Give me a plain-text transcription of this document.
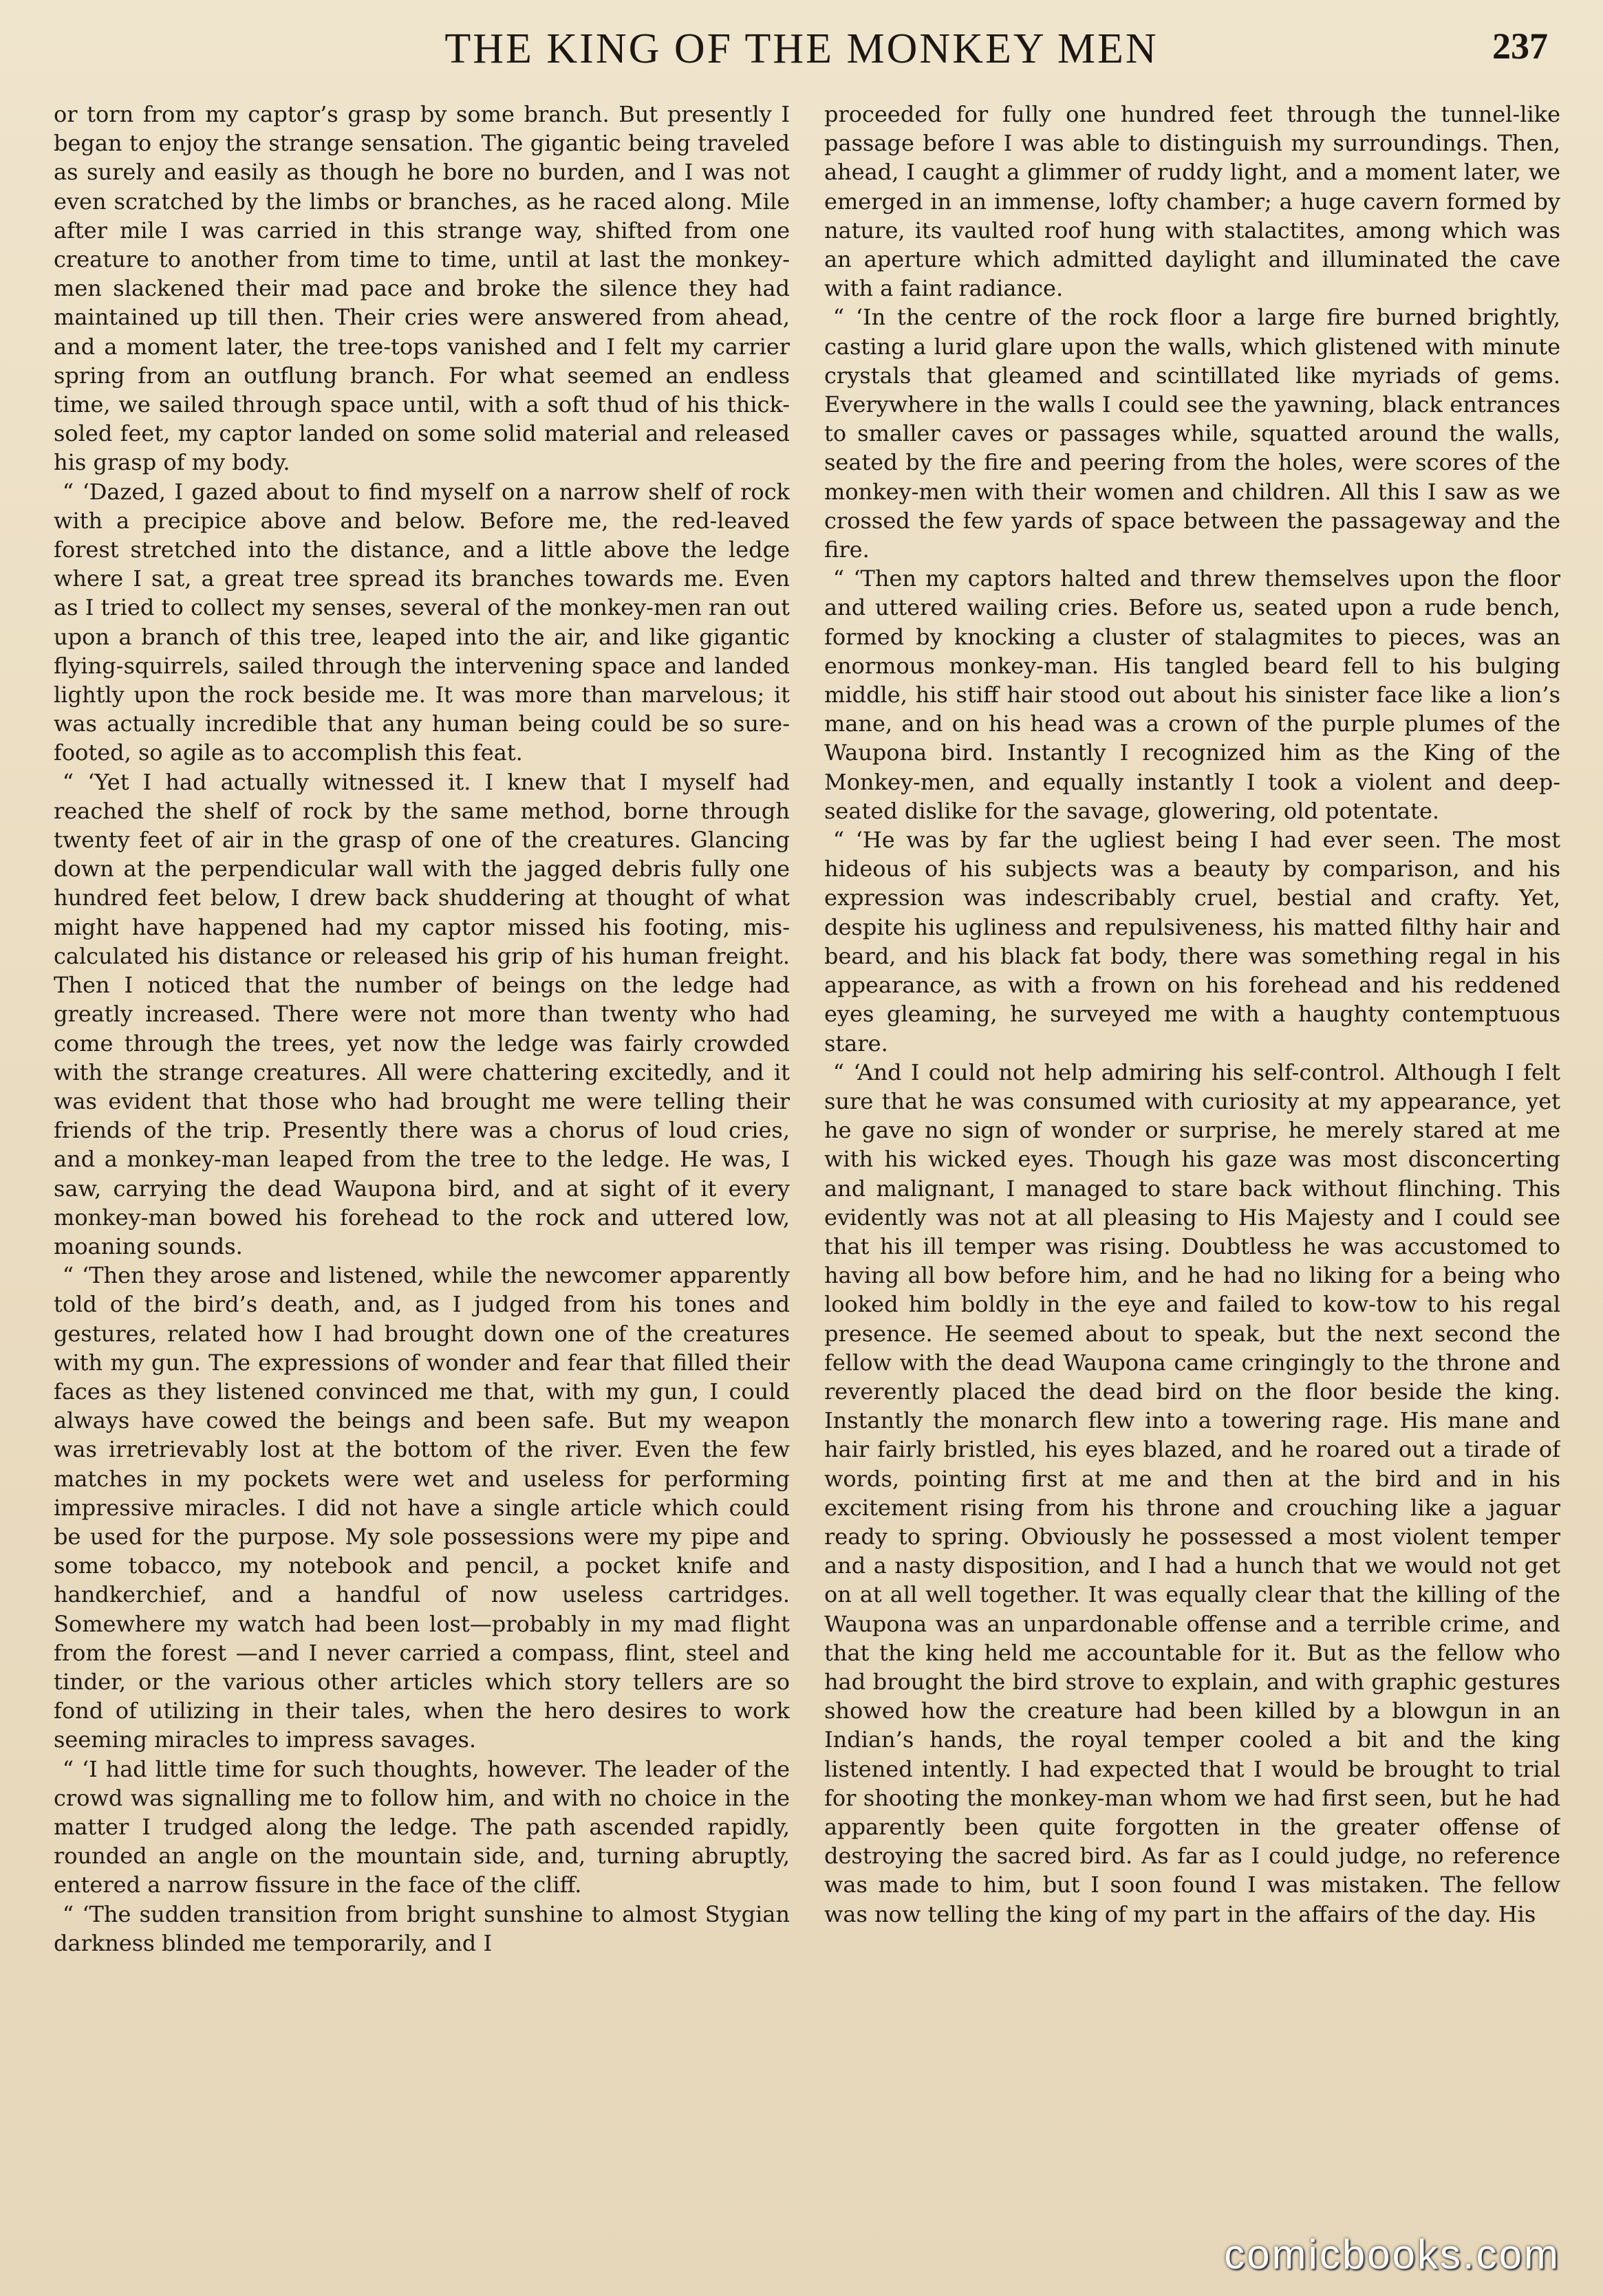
THE KING OF THE MONKEY MEN	237

or torn from my captor’s grasp by some branch. But presently I began to enjoy the strange sensation. The gigantic being traveled as surely and easily as though he bore no burden, and I was not even scratched by the limbs or branches, as he raced along. Mile after mile I was carried in this strange way, shifted from one creature to another from time to time, until at last the monkey-men slackened their mad pace and broke the silence they had maintained up till then. Their cries were answered from ahead, and a moment later, the tree-tops vanished and I felt my carrier spring from an outflung branch. For what seemed an endless time, we sailed through space until, with a soft thud of his thick-soled feet, my captor landed on some solid material and released his grasp of my body.

“ ‘Dazed, I gazed about to find myself on a narrow shelf of rock with a precipice above and below. Before me, the red-leaved forest stretched into the distance, and a little above the ledge where I sat, a great tree spread its branches towards me. Even as I tried to collect my senses, several of the monkey-men ran out upon a branch of this tree, leaped into the air, and like gigantic flying-squirrels, sailed through the intervening space and landed lightly upon the rock beside me. It was more than marvelous; it was actually incredible that any human being could be so sure-footed, so agile as to accomplish this feat.

“ ‘Yet I had actually witnessed it. I knew that I myself had reached the shelf of rock by the same method, borne through twenty feet of air in the grasp of one of the creatures. Glancing down at the perpendicular wall with the jagged debris fully one hundred feet below, I drew back shuddering at thought of what might have happened had my captor missed his footing, miscalculated his distance or released his grip of his human freight. Then I noticed that the number of beings on the ledge had greatly increased. There were not more than twenty who had come through the trees, yet now the ledge was fairly crowded with the strange creatures. All were chattering excitedly, and it was evident that those who had brought me were telling their friends of the trip. Presently there was a chorus of loud cries, and a monkey-man leaped from the tree to the ledge. He was, I saw, carrying the dead Waupona bird, and at sight of it every monkey-man bowed his forehead to the rock and uttered low, moaning sounds.

“ ‘Then they arose and listened, while the newcomer apparently told of the bird’s death, and, as I judged from his tones and gestures, related how I had brought down one of the creatures with my gun. The expressions of wonder and fear that filled their faces as they listened convinced me that, with my gun, I could always have cowed the beings and been safe. But my weapon was irretrievably lost at the bottom of the river. Even the few matches in my pockets were wet and useless for performing impressive miracles. I did not have a single article which could be used for the purpose. My sole possessions were my pipe and some tobacco, my notebook and pencil, a pocket knife and handkerchief, and a handful of now useless cartridges. Somewhere my watch had been lost—probably in my mad flight from the forest —and I never carried a compass, flint, steel and tinder, or the various other articles which story tellers are so fond of utilizing in their tales, when the hero desires to work seeming miracles to impress savages.

“ ‘I had little time for such thoughts, however. The leader of the crowd was signalling me to follow him, and with no choice in the matter I trudged along the ledge. The path ascended rapidly, rounded an angle on the mountain side, and, turning abruptly, entered a narrow fissure in the face of the cliff.

“ ‘The sudden transition from bright sunshine to almost Stygian darkness blinded me temporarily, and I

proceeded for fully one hundred feet through the tunnel-like passage before I was able to distinguish my surroundings. Then, ahead, I caught a glimmer of ruddy light, and a moment later, we emerged in an immense, lofty chamber; a huge cavern formed by nature, its vaulted roof hung with stalactites, among which was an aperture which admitted daylight and illuminated the cave with a faint radiance.

“ ‘In the centre of the rock floor a large fire burned brightly, casting a lurid glare upon the walls, which glistened with minute crystals that gleamed and scintillated like myriads of gems. Everywhere in the walls I could see the yawning, black entrances to smaller caves or passages while, squatted around the walls, seated by the fire and peering from the holes, were scores of the monkey-men with their women and children. All this I saw as we crossed the few yards of space between the passageway and the fire.

“ ‘Then my captors halted and threw themselves upon the floor and uttered wailing cries. Before us, seated upon a rude bench, formed by knocking a cluster of stalagmites to pieces, was an enormous monkey-man. His tangled beard fell to his bulging middle, his stiff hair stood out about his sinister face like a lion’s mane, and on his head was a crown of the purple plumes of the Waupona bird. Instantly I recognized him as the King of the Monkey-men, and equally instantly I took a violent and deep-seated dislike for the savage, glowering, old potentate.

“ ‘He was by far the ugliest being I had ever seen. The most hideous of his subjects was a beauty by comparison, and his expression was indescribably cruel, bestial and crafty. Yet, despite his ugliness and repulsiveness, his matted filthy hair and beard, and his black fat body, there was something regal in his appearance, as with a frown on his forehead and his reddened eyes gleaming, he surveyed me with a haughty contemptuous stare.

“ ‘And I could not help admiring his self-control. Although I felt sure that he was consumed with curiosity at my appearance, yet he gave no sign of wonder or surprise, he merely stared at me with his wicked eyes. Though his gaze was most disconcerting and malignant, I managed to stare back without flinching. This evidently was not at all pleasing to His Majesty and I could see that his ill temper was rising. Doubtless he was accustomed to having all bow before him, and he had no liking for a being who looked him boldly in the eye and failed to kow-tow to his regal presence. He seemed about to speak, but the next second the fellow with the dead Waupona came cringingly to the throne and reverently placed the dead bird on the floor beside the king. Instantly the monarch flew into a towering rage. His mane and hair fairly bristled, his eyes blazed, and he roared out a tirade of words, pointing first at me and then at the bird and in his excitement rising from his throne and crouching like a jaguar ready to spring. Obviously he possessed a most violent temper and a nasty disposition, and I had a hunch that we would not get on at all well together. It was equally clear that the killing of the Waupona was an unpardonable offense and a terrible crime, and that the king held me accountable for it. But as the fellow who had brought the bird strove to explain, and with graphic gestures showed how the creature had been killed by a blowgun in an Indian’s hands, the royal temper cooled a bit and the king listened intently. I had expected that I would be brought to trial for shooting the monkey-man whom we had first seen, but he had apparently been quite forgotten in the greater offense of destroying the sacred bird. As far as I could judge, no reference was made to him, but I soon found I was mistaken. The fellow was now telling the king of my part in the affairs of the day. His

comicbooks.com
